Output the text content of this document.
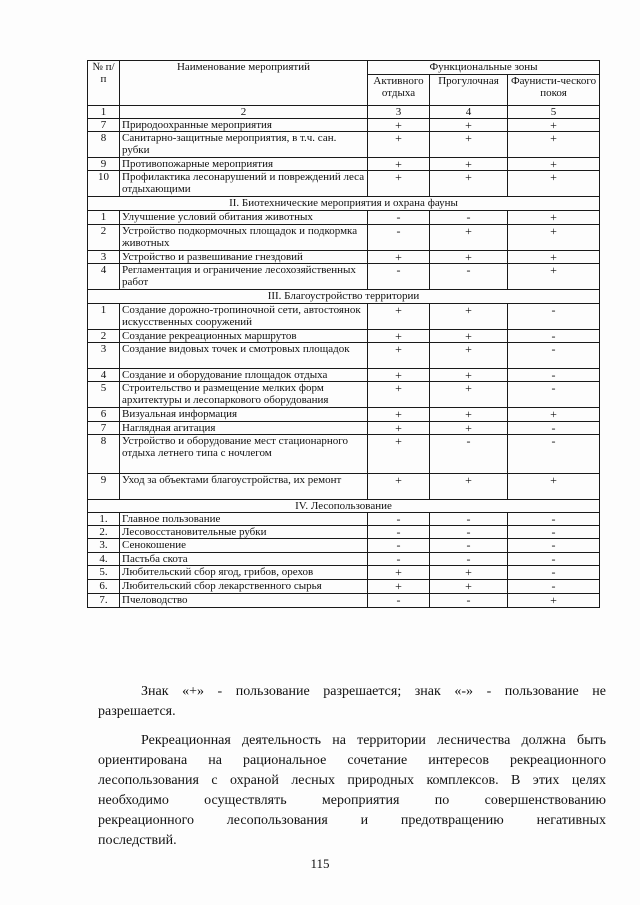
№ п/п	Наименование мероприятий	Функциональные зоны		
		Активного отдыха	Прогулочная	Фаунисти-ческого покоя
1	2	3	4	5
7	Природоохранные мероприятия	+	+	+
8	Санитарно-защитные мероприятия, в т.ч. сан. рубки	+	+	+
9	Противопожарные мероприятия	+	+	+
10	Профилактика лесонарушений и повреждений леса отдыхающими	+	+	+
II. Биотехнические мероприятия и охрана фауны				
1	Улучшение условий обитания животных	-	-	+
2	Устройство подкормочных площадок и подкормка животных	-	+	+
3	Устройство и развешивание гнездовий	+	+	+
4	Регламентация и ограничение лесохозяйственных работ	-	-	+
III. Благоустройство территории				
1	Создание дорожно-тропиночной сети, автостоянок искусственных сооружений	+	+	-
2	Создание рекреационных маршрутов	+	+	-
3	Создание видовых точек и смотровых площадок	+	+	-
4	Создание и оборудование площадок отдыха	+	+	-
5	Строительство и размещение мелких форм архитектуры и лесопаркового оборудования	+	+	-
6	Визуальная информация	+	+	+
7	Наглядная агитация	+	+	-
8	Устройство и оборудование мест стационарного отдыха летнего типа с ночлегом	+	-	-
9	Уход за объектами благоустройства, их ремонт	+	+	+
IV. Лесопользование				
1.	Главное пользование	-	-	-
2.	Лесовосстановительные рубки	-	-	-
3.	Сенокошение	-	-	-
4.	Пастьба скота	-	-	-
5.	Любительский сбор ягод, грибов, орехов	+	+	-
6.	Любительский сбор лекарственного сырья	+	+	-
7.	Пчеловодство	-	-	+

Знак «+» - пользование разрешается; знак «-» - пользование не

разрешается.

Рекреационная деятельность на территории лесничества должна быть

ориентирована на рациональное сочетание интересов рекреационного

лесопользования с охраной лесных природных комплексов. В этих целях

необходимо осуществлять мероприятия по совершенствованию

рекреационного лесопользования и предотвращению негативных

последствий.

115
